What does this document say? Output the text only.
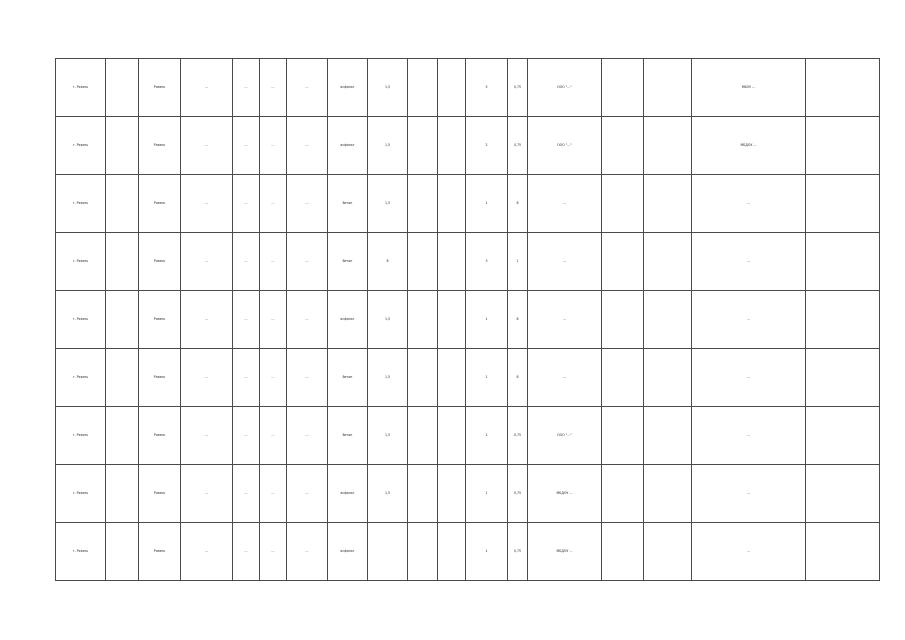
г. Рязань		Рязань	…	…	…	…	асфальт	1,5			5	0,75	ООО "…"			МБОУ …	
г. Рязань		Рязань	…	…	…	…	асфальт	1,5			2	0,75	ООО "…"			МБДОУ …	
г. Рязань		Рязань	…	…	…	…	бетон	1,5			1	8	…			…	
г. Рязань		Рязань	…	…	…	…	бетон	8			3	1	…			…	
г. Рязань		Рязань	…	…	…	…	асфальт	1,5			1	8	…			…	
г. Рязань		Рязань	…	…	…	…	бетон	1,5			1	8	…			…	
г. Рязань		Рязань	…	…	…	…	бетон	1,5			2	0,75	ООО "…"			…	
г. Рязань		Рязань	…	…	…	…	асфальт	1,5			1	0,75	МБДОУ …			…	
г. Рязань		Рязань	…	…	…	…	асфальт				1	0,75	МБДОУ …			…	
